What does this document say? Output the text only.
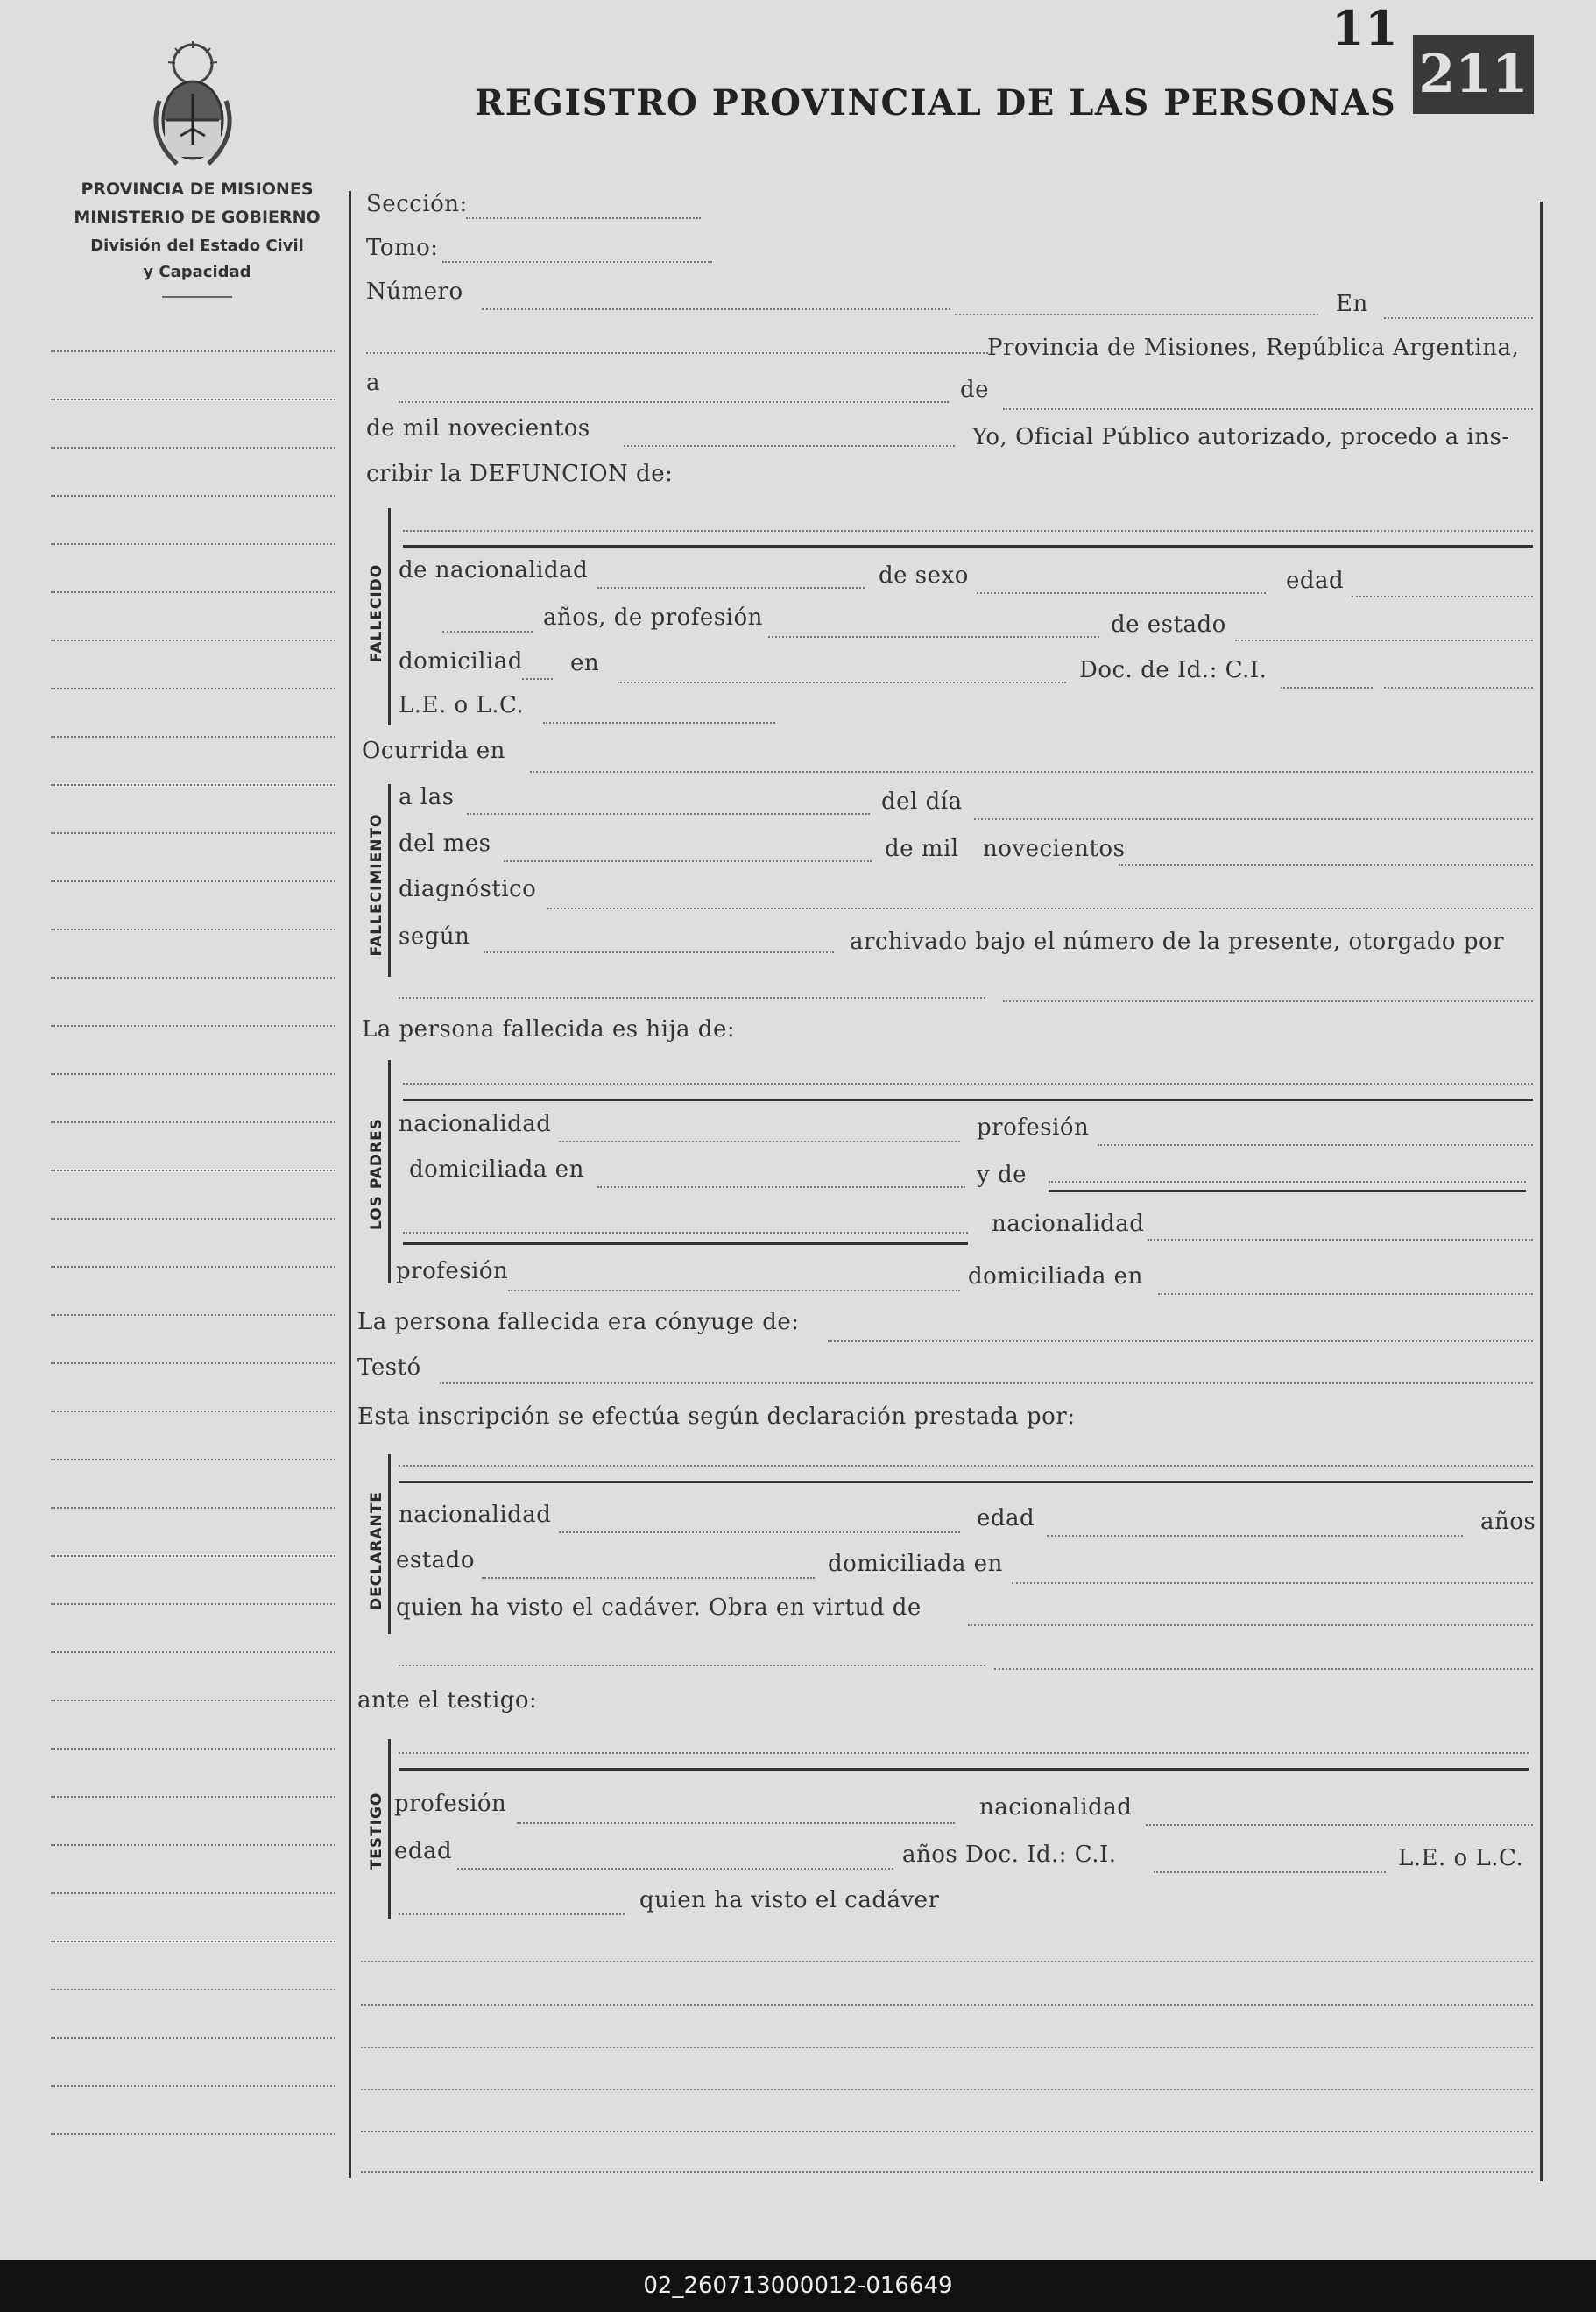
PROVINCIA DE MISIONES
MINISTERIO DE GOBIERNO
División del Estado Civil
y Capacidad
REGISTRO PROVINCIAL DE LAS PERSONAS
11
211
Sección:
Tomo:
Número	En
Provincia de Misiones, República Argentina,
a	de
de mil novecientos	Yo, Oficial Público autorizado, procedo a ins-
cribir la DEFUNCION de:
FALLECIDO de nacionalidad	de sexo	edad
años, de profesión	de estado
domiciliad en	Doc. de Id.: C.I.
L.E. o L.C.
Ocurrida en
FALLECIMIENTO
a las	del día
del mes	de mil novecientos
diagnóstico
según	archivado bajo el número de la presente, otorgado por
La persona fallecida es hija de:
LOS PADRES nacionalidad	profesión
domiciliada en	y de
nacionalidad
profesión	domiciliada en
La persona fallecida era cónyuge de:
Testó
Esta inscripción se efectúa según declaración prestada por:
DECLARANTE nacionalidad	edad	años
estado	domiciliada en
quien ha visto el cadáver. Obra en virtud de
ante el testigo:
TESTIGO profesión	nacionalidad
edad	años Doc. Id.: C.I.	L.E. o L.C.
quien ha visto el cadáver
02_260713000012-016649
